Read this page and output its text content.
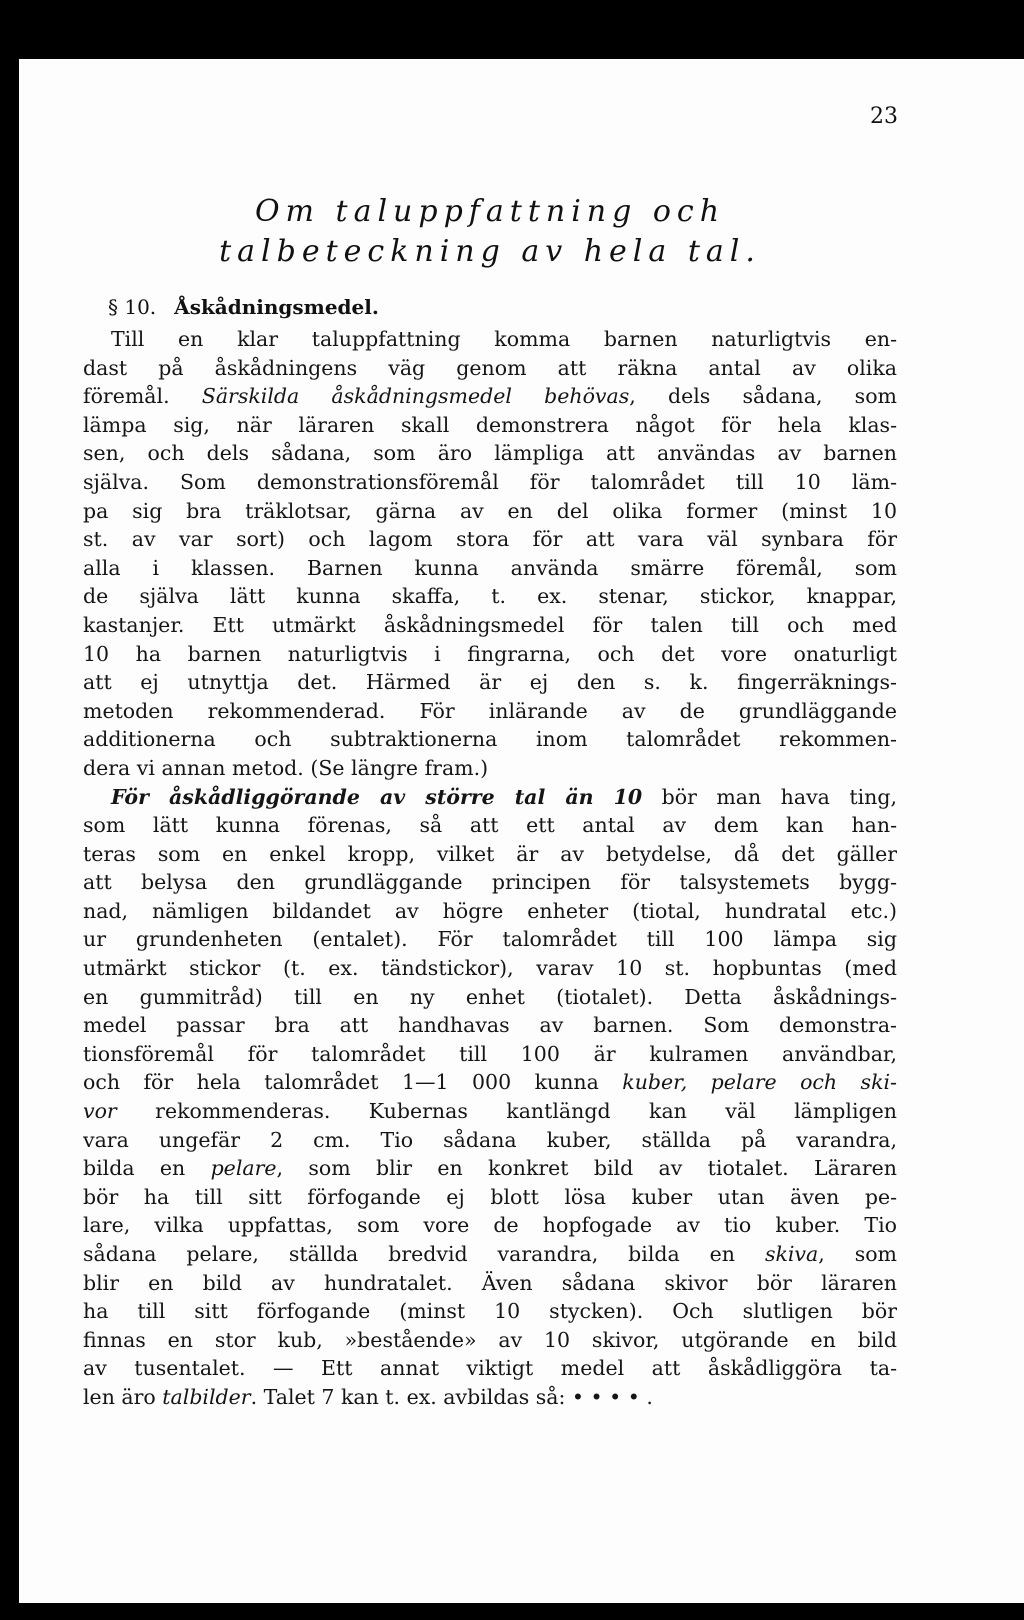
23
Om taluppfattning och talbeteckning av hela tal.
§ 10. Åskådningsmedel.
Till en klar taluppfattning komma barnen naturligtvis en-
dast på åskådningens väg genom att räkna antal av olika
föremål. Särskilda åskådningsmedel behövas, dels sådana, som
lämpa sig, när läraren skall demonstrera något för hela klas-
sen, och dels sådana, som äro lämpliga att användas av barnen
själva. Som demonstrationsföremål för talområdet till 10 läm-
pa sig bra träklotsar, gärna av en del olika former (minst 10
st. av var sort) och lagom stora för att vara väl synbara för
alla i klassen. Barnen kunna använda smärre föremål, som
de själva lätt kunna skaffa, t. ex. stenar, stickor, knappar,
kastanjer. Ett utmärkt åskådningsmedel för talen till och med
10 ha barnen naturligtvis i fingrarna, och det vore onaturligt
att ej utnyttja det. Härmed är ej den s. k. fingerräknings-
metoden rekommenderad. För inlärande av de grundläggande
additionerna och subtraktionerna inom talområdet rekommen-
dera vi annan metod. (Se längre fram.)
För åskådliggörande av större tal än 10 bör man hava ting,
som lätt kunna förenas, så att ett antal av dem kan han-
teras som en enkel kropp, vilket är av betydelse, då det gäller
att belysa den grundläggande principen för talsystemets bygg-
nad, nämligen bildandet av högre enheter (tiotal, hundratal etc.)
ur grundenheten (entalet). För talområdet till 100 lämpa sig
utmärkt stickor (t. ex. tändstickor), varav 10 st. hopbuntas (med
en gummitråd) till en ny enhet (tiotalet). Detta åskådnings-
medel passar bra att handhavas av barnen. Som demonstra-
tionsföremål för talområdet till 100 är kulramen användbar,
och för hela talområdet 1—1 000 kunna kuber, pelare och ski-
vor rekommenderas. Kubernas kantlängd kan väl lämpligen
vara ungefär 2 cm. Tio sådana kuber, ställda på varandra,
bilda en pelare, som blir en konkret bild av tiotalet. Läraren
bör ha till sitt förfogande ej blott lösa kuber utan även pe-
lare, vilka uppfattas, som vore de hopfogade av tio kuber. Tio
sådana pelare, ställda bredvid varandra, bilda en skiva, som
blir en bild av hundratalet. Även sådana skivor bör läraren
ha till sitt förfogande (minst 10 stycken). Och slutligen bör
finnas en stor kub, »bestående» av 10 skivor, utgörande en bild
av tusentalet. — Ett annat viktigt medel att åskådliggöra ta-
len äro talbilder. Talet 7 kan t. ex. avbildas så: • • • • .
